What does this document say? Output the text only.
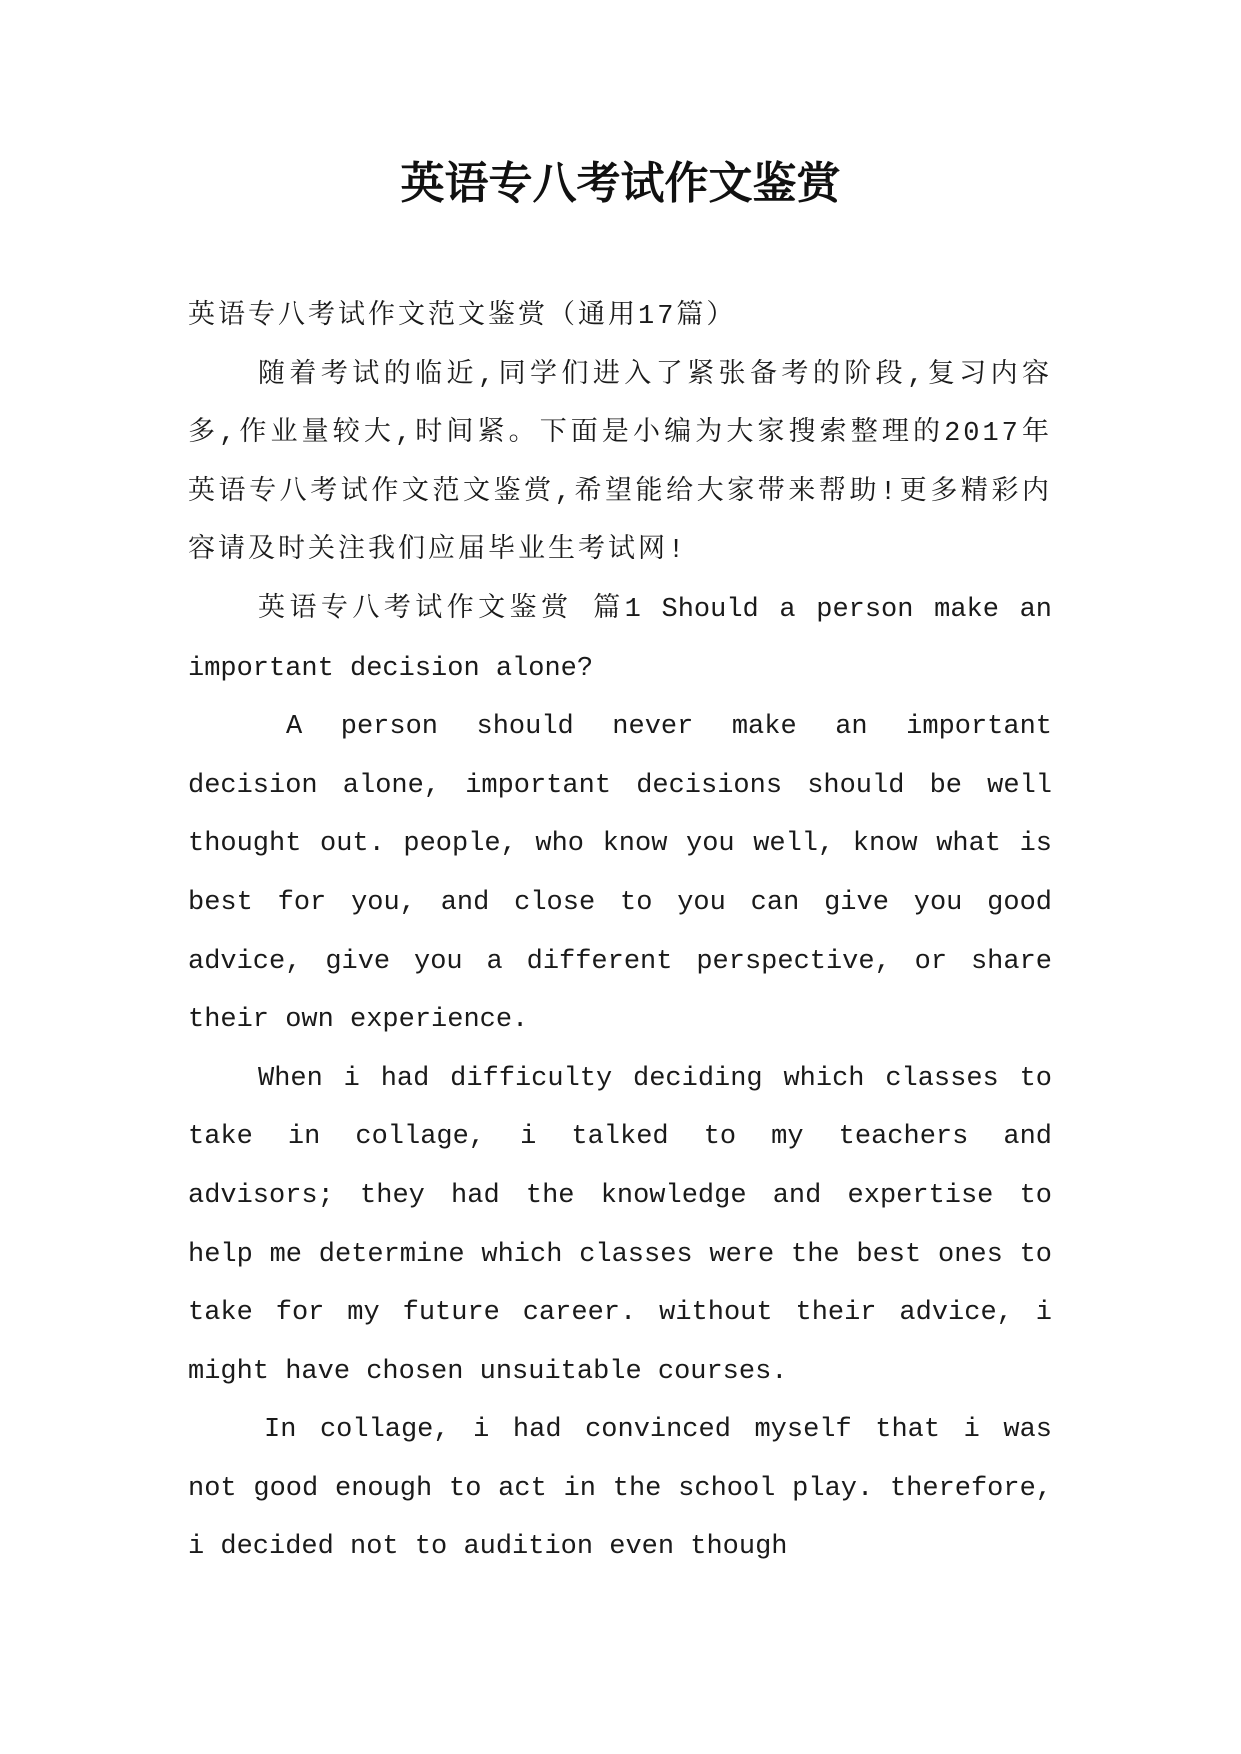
英语专八考试作文鉴赏

英语专八考试作文范文鉴赏（通用17篇）

随着考试的临近,同学们进入了紧张备考的阶段,复习内容多,作业量较大,时间紧。下面是小编为大家搜索整理的2017年英语专八考试作文范文鉴赏,希望能给大家带来帮助!更多精彩内容请及时关注我们应届毕业生考试网!

英语专八考试作文鉴赏 篇1 Should a person make an important decision alone?

A person should never make an important decision alone, important decisions should be well thought out. people, who know you well, know what is best for you, and close to you can give you good advice, give you a different perspective, or share their own experience.

When i had difficulty deciding which classes to take in collage, i talked to my teachers and advisors; they had the knowledge and expertise to help me determine which classes were the best ones to take for my future career. without their advice, i might have chosen unsuitable courses.

In collage, i had convinced myself that i was not good enough to act in the school play. therefore, i decided not to audition even though
